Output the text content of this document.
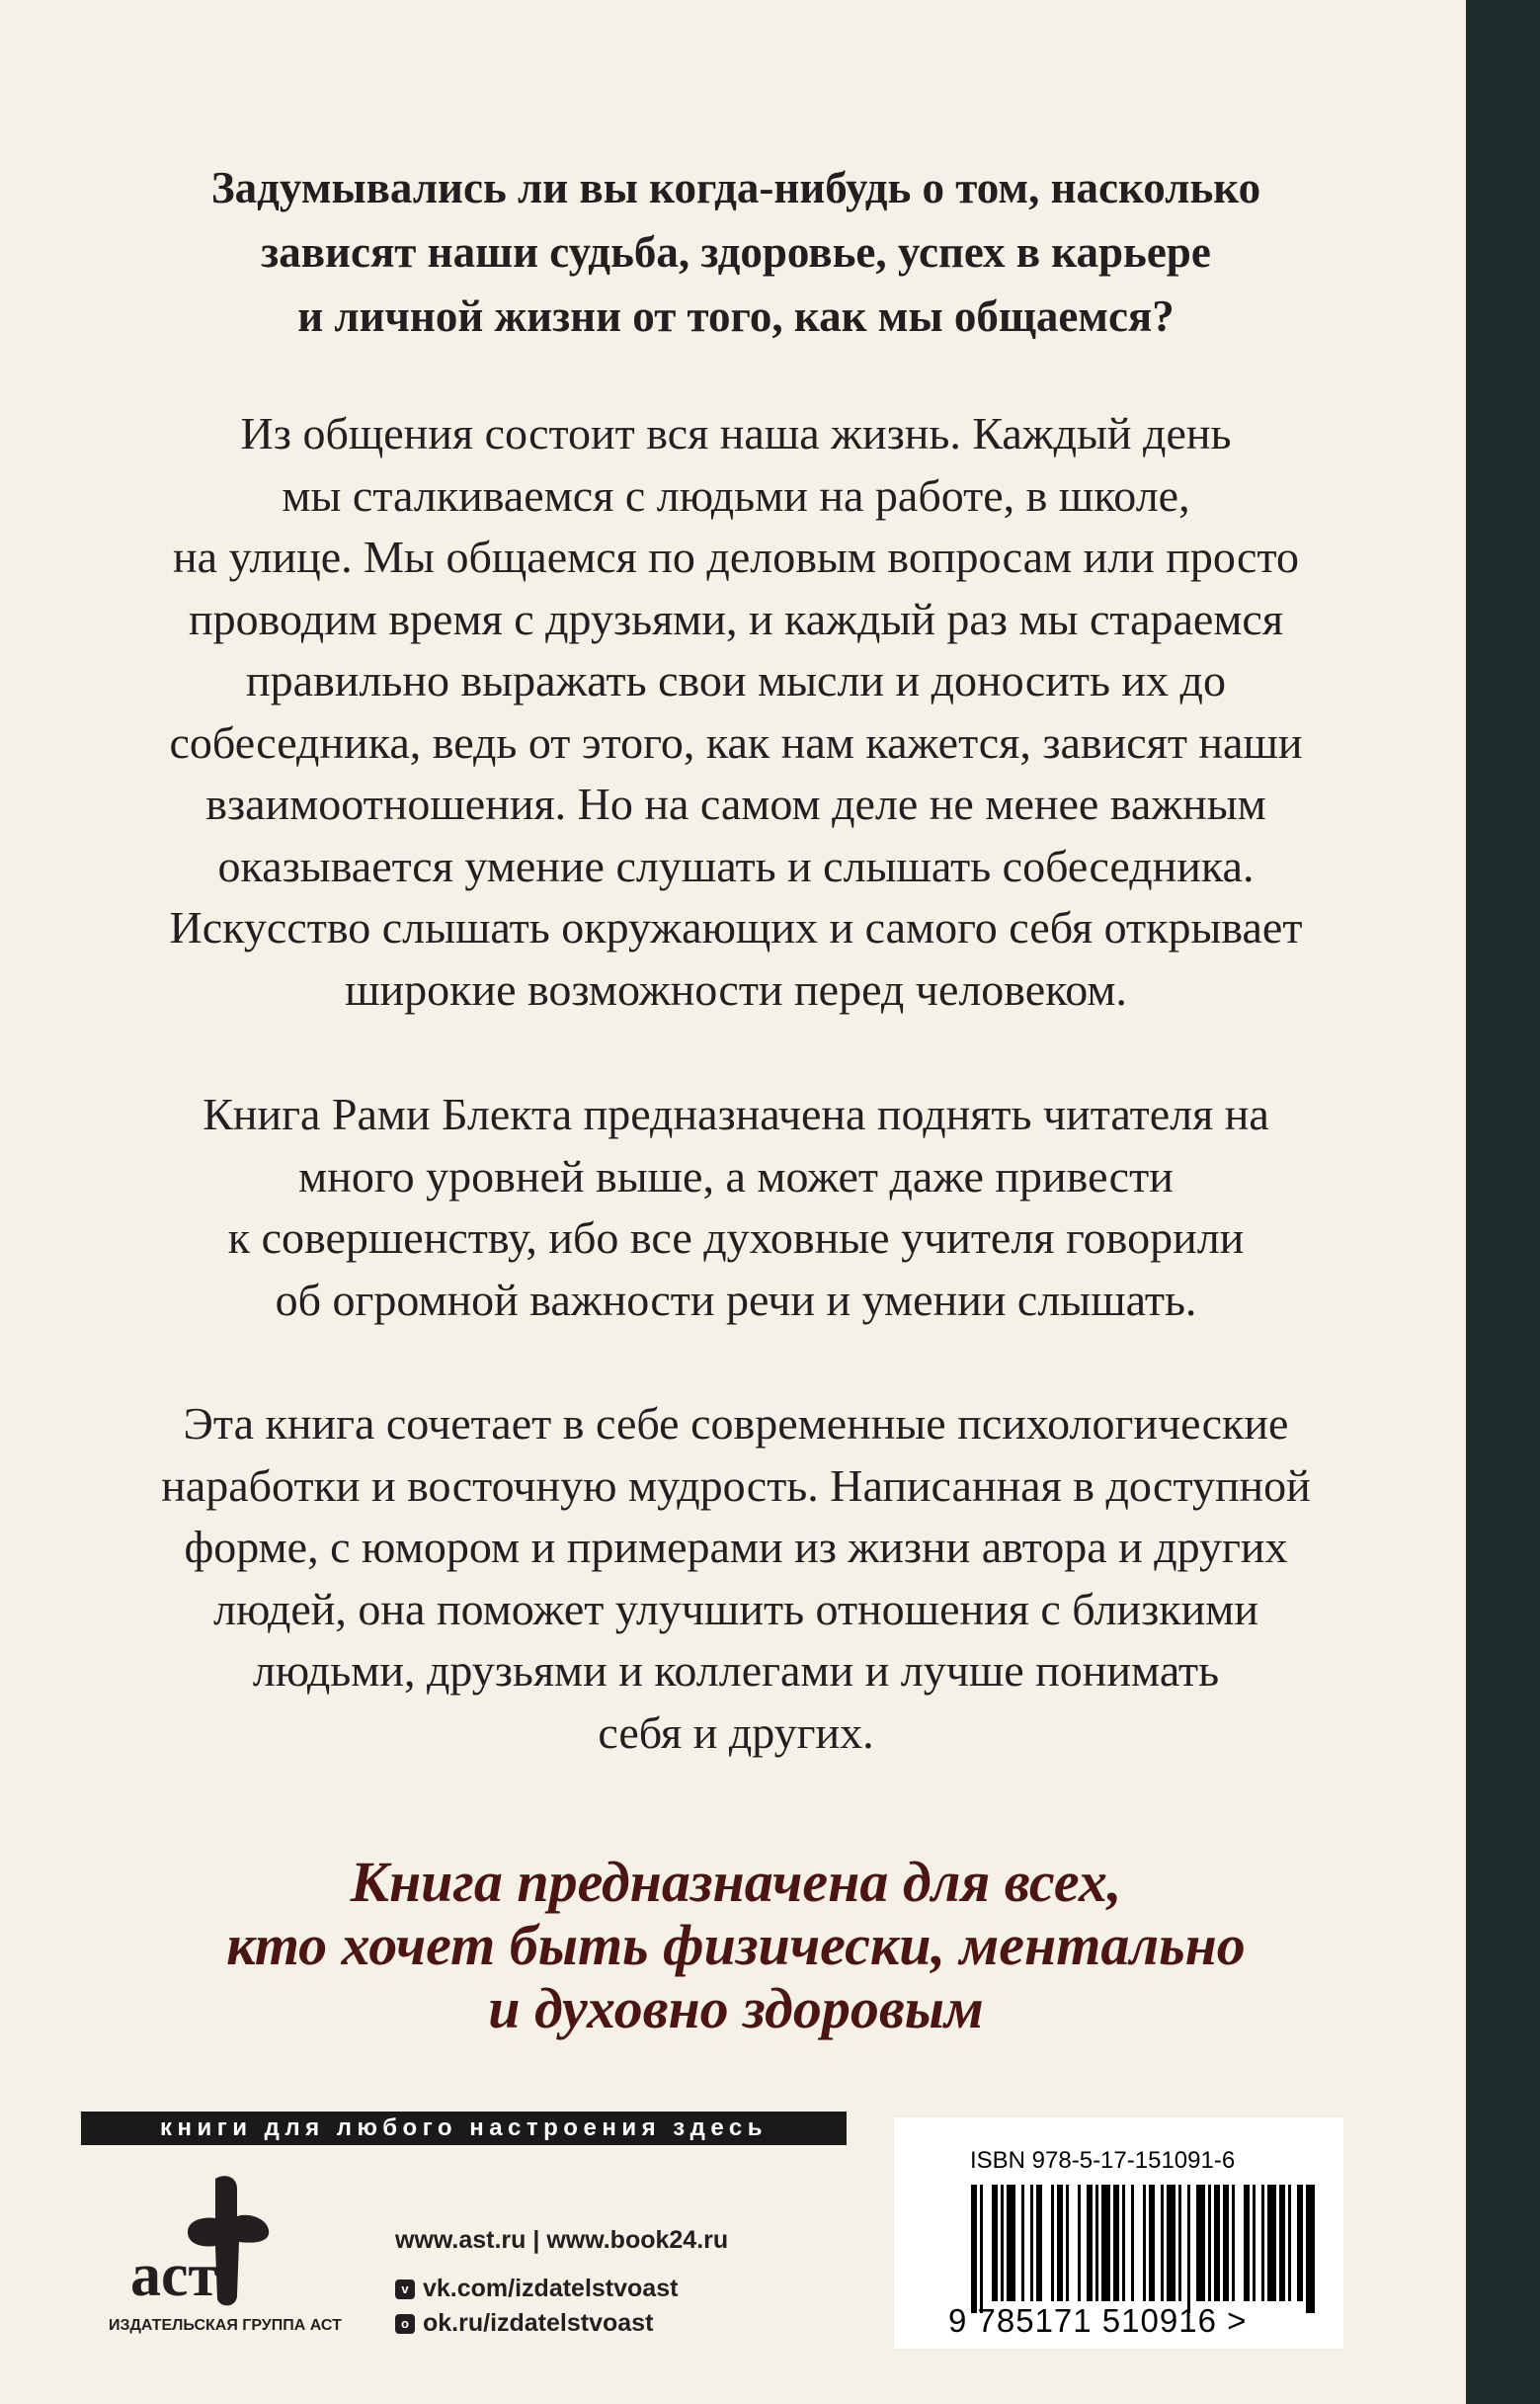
Задумывались ли вы когда-нибудь о том, насколько
зависят наши судьба, здоровье, успех в карьере
и личной жизни от того, как мы общаемся?
Из общения состоит вся наша жизнь. Каждый день
мы сталкиваемся с людьми на работе, в школе,
на улице. Мы общаемся по деловым вопросам или просто
проводим время с друзьями, и каждый раз мы стараемся
правильно выражать свои мысли и доносить их до
собеседника, ведь от этого, как нам кажется, зависят наши
взаимоотношения. Но на самом деле не менее важным
оказывается умение слушать и слышать собеседника.
Искусство слышать окружающих и самого себя открывает
широкие возможности перед человеком.
Книга Рами Блекта предназначена поднять читателя на
много уровней выше, а может даже привести
к совершенству, ибо все духовные учителя говорили
об огромной важности речи и умении слышать.
Эта книга сочетает в себе современные психологические
наработки и восточную мудрость. Написанная в доступной
форме, с юмором и примерами из жизни автора и других
людей, она поможет улучшить отношения с близкими
людьми, друзьями и коллегами и лучше понимать
себя и других.
Книга предназначена для всех,
кто хочет быть физически, ментально
и духовно здоровым
книги для любого настроения здесь
аст
ИЗДАТЕЛЬСКАЯ ГРУППА АСТ
www.ast.ru | www.book24.ru
v vk.com/izdatelstvoast
o ok.ru/izdatelstvoast
ISBN 978-5-17-151091-6
9 785171 510916 >
